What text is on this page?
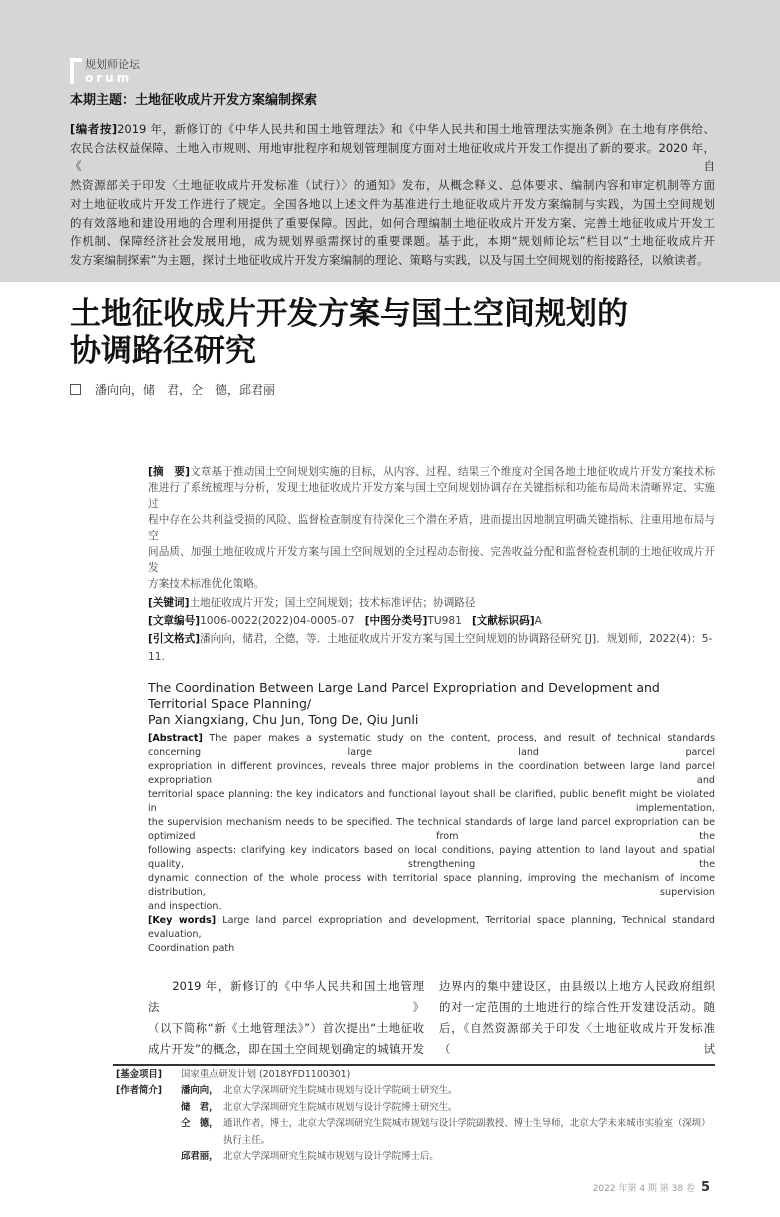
规划师论坛
orum
本期主题：土地征收成片开发方案编制探索
[编者按]2019 年，新修订的《中华人民共和国土地管理法》和《中华人民共和国土地管理法实施条例》在土地有序供给、
农民合法权益保障、土地入市规则、用地审批程序和规划管理制度方面对土地征收成片开发工作提出了新的要求。2020 年，《自
然资源部关于印发〈土地征收成片开发标准（试行）〉的通知》发布，从概念释义、总体要求、编制内容和审定机制等方面
对土地征收成片开发工作进行了规定。全国各地以上述文件为基准进行土地征收成片开发方案编制与实践，为国土空间规划
的有效落地和建设用地的合理利用提供了重要保障。因此，如何合理编制土地征收成片开发方案、完善土地征收成片开发工
作机制、保障经济社会发展用地，成为规划界亟需探讨的重要课题。基于此，本期“规划师论坛”栏目以“土地征收成片开
发方案编制探索”为主题，探讨土地征收成片开发方案编制的理论、策略与实践，以及与国土空间规划的衔接路径，以飨读者。
土地征收成片开发方案与国土空间规划的
协调路径研究
潘向向，储　君，仝　德，邱君丽
[摘　要]文章基于推动国土空间规划实施的目标，从内容、过程、结果三个维度对全国各地土地征收成片开发方案技术标
准进行了系统梳理与分析，发现土地征收成片开发方案与国土空间规划协调存在关键指标和功能布局尚未清晰界定、实施过
程中存在公共利益受损的风险、监督检查制度有待深化三个潜在矛盾，进而提出因地制宜明确关键指标、注重用地布局与空
间品质、加强土地征收成片开发方案与国土空间规划的全过程动态衔接、完善收益分配和监督检查机制的土地征收成片开发
方案技术标准优化策略。
[关键词]土地征收成片开发；国土空间规划；技术标准评估；协调路径
[文章编号]1006-0022(2022)04-0005-07 [中图分类号]TU981 [文献标识码]A
[引文格式]潘向向，储君，仝德，等．土地征收成片开发方案与国土空间规划的协调路径研究 [J]．规划师，2022(4)：5-11.
The Coordination Between Large Land Parcel Expropriation and Development and Territorial Space Planning/
Pan Xiangxiang, Chu Jun, Tong De, Qiu Junli
[Abstract] The paper makes a systematic study on the content, process, and result of technical standards concerning large land parcel
expropriation in different provinces, reveals three major problems in the coordination between large land parcel expropriation and
territorial space planning: the key indicators and functional layout shall be clarified, public benefit might be violated in implementation,
the supervision mechanism needs to be specified. The technical standards of large land parcel expropriation can be optimized from the
following aspects: clarifying key indicators based on local conditions, paying attention to land layout and spatial quality, strengthening the
dynamic connection of the whole process with territorial space planning, improving the mechanism of income distribution, supervision
and inspection.
[Key words] Large land parcel expropriation and development, Territorial space planning, Technical standard evaluation,
Coordination path
　　2019 年，新修订的《中华人民共和国土地管理法》
（以下简称“新《土地管理法》”）首次提出“土地征收
成片开发”的概念，即在国土空间规划确定的城镇开发
边界内的集中建设区，由县级以上地方人民政府组织
的对一定范围的土地进行的综合性开发建设活动。随
后，《自然资源部关于印发〈土地征收成片开发标准（试
[基金项目]	国家重点研发计划 (2018YFD1100301)
[作者简介]	潘向向， 北京大学深圳研究生院城市规划与设计学院硕士研究生。
储　君， 北京大学深圳研究生院城市规划与设计学院博士研究生。
仝　德， 通讯作者，博士，北京大学深圳研究生院城市规划与设计学院副教授、博士生导师，北京大学未来城市实验室（深圳）
执行主任。
邱君丽， 北京大学深圳研究生院城市规划与设计学院博士后。
2022 年第 4 期 第 38 卷 5
